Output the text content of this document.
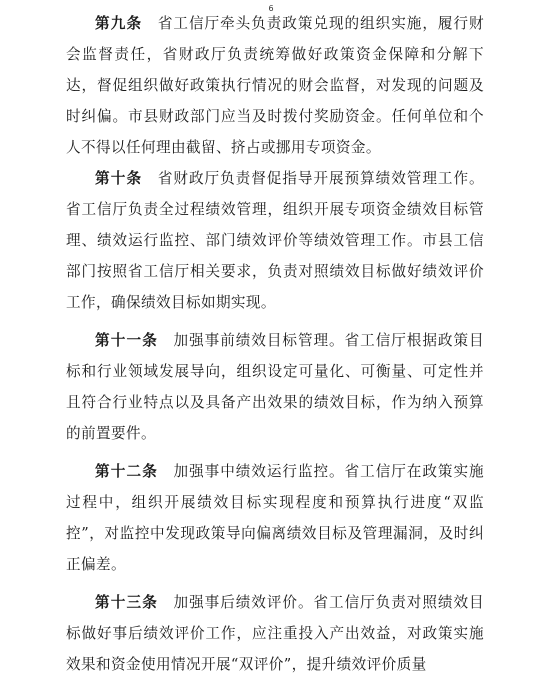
6

第九条  省工信厅牵头负责政策兑现的组织实施，履行财会监督责任，省财政厅负责统筹做好政策资金保障和分解下达，督促组织做好政策执行情况的财会监督，对发现的问题及时纠偏。市县财政部门应当及时拨付奖励资金。任何单位和个人不得以任何理由截留、挤占或挪用专项资金。

第十条  省财政厅负责督促指导开展预算绩效管理工作。省工信厅负责全过程绩效管理，组织开展专项资金绩效目标管理、绩效运行监控、部门绩效评价等绩效管理工作。市县工信部门按照省工信厅相关要求，负责对照绩效目标做好绩效评价工作，确保绩效目标如期实现。

第十一条  加强事前绩效目标管理。省工信厅根据政策目标和行业领域发展导向，组织设定可量化、可衡量、可定性并且符合行业特点以及具备产出效果的绩效目标，作为纳入预算的前置要件。

第十二条  加强事中绩效运行监控。省工信厅在政策实施过程中，组织开展绩效目标实现程度和预算执行进度“双监控”，对监控中发现政策导向偏离绩效目标及管理漏洞，及时纠正偏差。

第十三条  加强事后绩效评价。省工信厅负责对照绩效目标做好事后绩效评价工作，应注重投入产出效益，对政策实施效果和资金使用情况开展“双评价”，提升绩效评价质量
